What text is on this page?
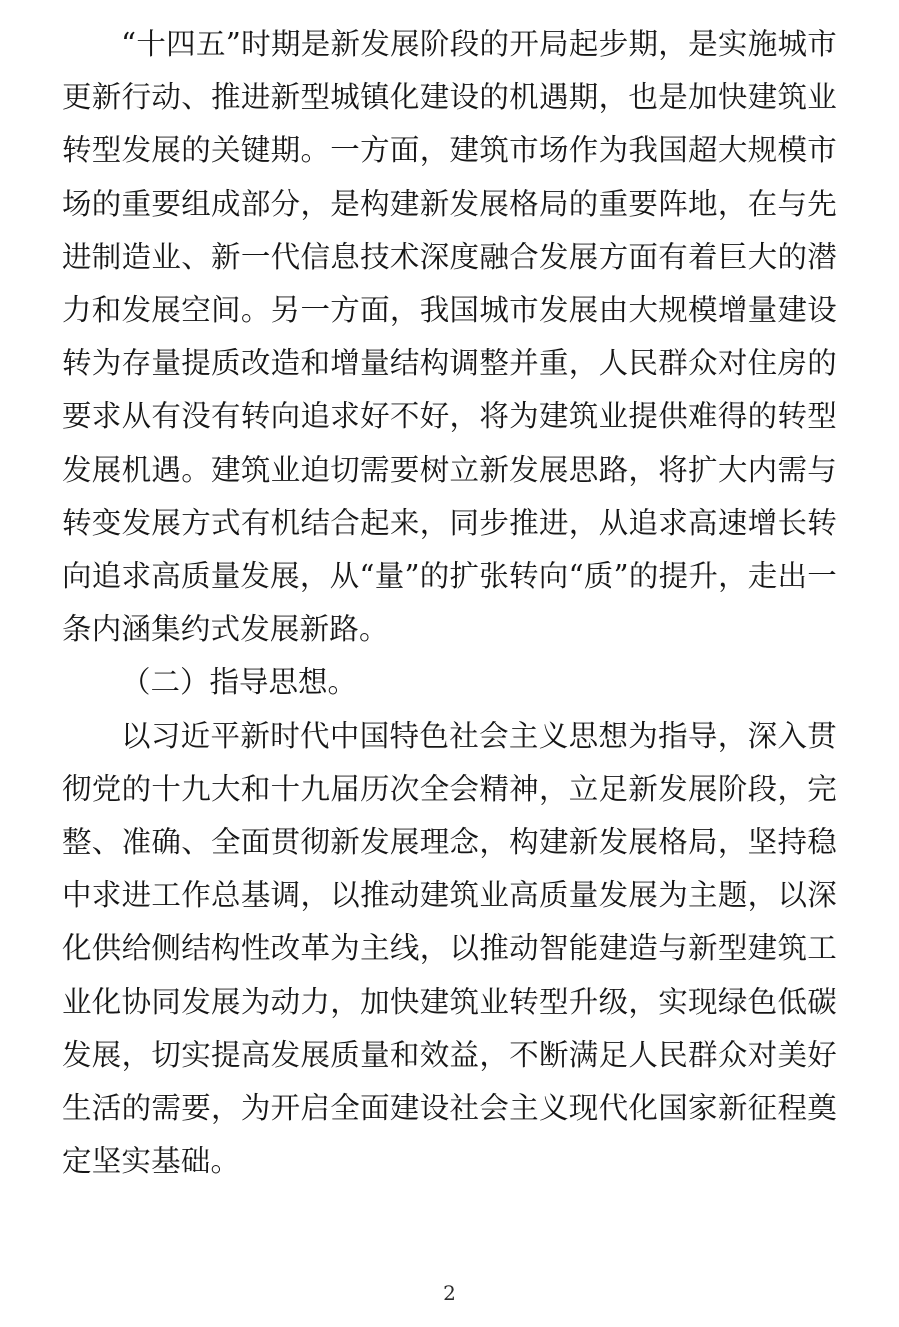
“十四五”时期是新发展阶段的开局起步期，是实施城市更新行动、推进新型城镇化建设的机遇期，也是加快建筑业转型发展的关键期。一方面，建筑市场作为我国超大规模市场的重要组成部分，是构建新发展格局的重要阵地，在与先进制造业、新一代信息技术深度融合发展方面有着巨大的潜力和发展空间。另一方面，我国城市发展由大规模增量建设转为存量提质改造和增量结构调整并重，人民群众对住房的要求从有没有转向追求好不好，将为建筑业提供难得的转型发展机遇。建筑业迫切需要树立新发展思路，将扩大内需与转变发展方式有机结合起来，同步推进，从追求高速增长转向追求高质量发展，从“量”的扩张转向“质”的提升，走出一条内涵集约式发展新路。

（二）指导思想。

以习近平新时代中国特色社会主义思想为指导，深入贯彻党的十九大和十九届历次全会精神，立足新发展阶段，完整、准确、全面贯彻新发展理念，构建新发展格局，坚持稳中求进工作总基调，以推动建筑业高质量发展为主题，以深化供给侧结构性改革为主线，以推动智能建造与新型建筑工业化协同发展为动力，加快建筑业转型升级，实现绿色低碳发展，切实提高发展质量和效益，不断满足人民群众对美好生活的需要，为开启全面建设社会主义现代化国家新征程奠定坚实基础。

2
